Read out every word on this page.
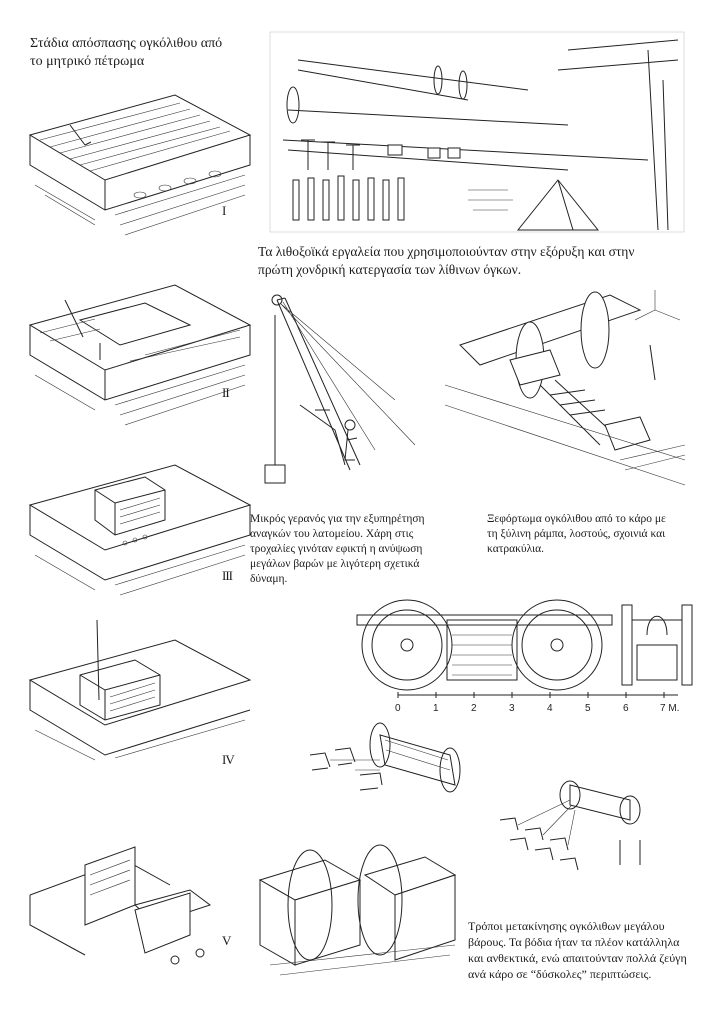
Στάδια απόσπασης ογκόλιθου από
το μητρικό πέτρωμα
I
II
III
IV
V
Τα λιθοξοϊκά εργαλεία που χρησιμοποιούνταν στην εξόρυξη και στην
πρώτη χονδρική κατεργασία των λίθινων όγκων.
Μικρός γερανός για την εξυπηρέτηση
αναγκών του λατομείου. Χάρη στις
τροχαλίες γινόταν εφικτή η ανύψωση
μεγάλων βαρών με λιγότερη σχετικά
δύναμη.
Ξεφόρτωμα ογκόλιθου από το κάρο με
τη ξύλινη ράμπα, λοστούς, σχοινιά και
κατρακύλια.
0	1	2	3	4	5	6	7 Μ.
Τρόποι μετακίνησης ογκόλιθων μεγάλου
βάρους. Τα βόδια ήταν τα πλέον κατάλληλα
και ανθεκτικά, ενώ απαιτούνταν πολλά ζεύγη
ανά κάρο σε “δύσκολες” περιπτώσεις.
